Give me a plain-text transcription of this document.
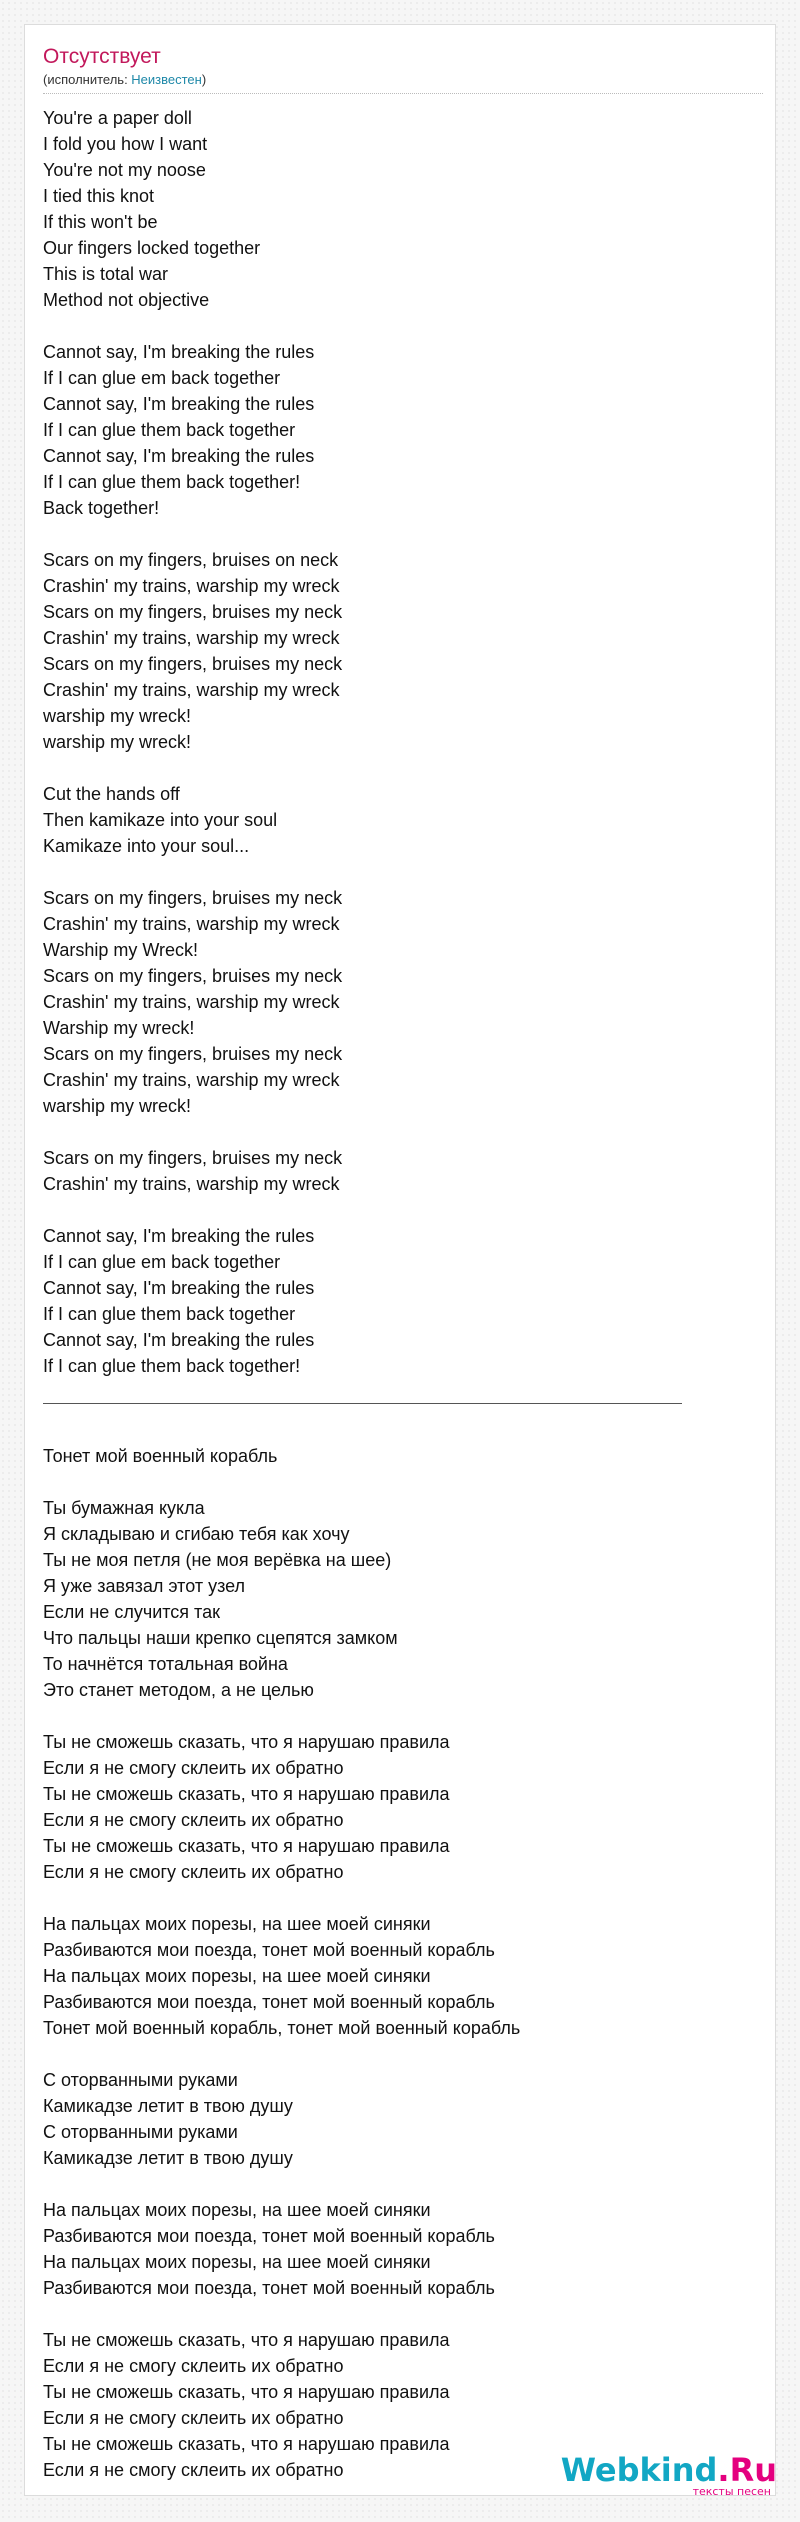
Отсутствует
(исполнитель: Неизвестен)
You're a paper doll
I fold you how I want
You're not my noose
I tied this knot
If this won't be
Our fingers locked together
This is total war
Method not objective
Cannot say, I'm breaking the rules
If I can glue em back together
Cannot say, I'm breaking the rules
If I can glue them back together
Cannot say, I'm breaking the rules
If I can glue them back together!
Back together!
Scars on my fingers, bruises on neck
Crashin' my trains, warship my wreck
Scars on my fingers, bruises my neck
Crashin' my trains, warship my wreck
Scars on my fingers, bruises my neck
Crashin' my trains, warship my wreck
warship my wreck!
warship my wreck!
Cut the hands off
Then kamikaze into your soul
Kamikaze into your soul...
Scars on my fingers, bruises my neck
Crashin' my trains, warship my wreck
Warship my Wreck!
Scars on my fingers, bruises my neck
Crashin' my trains, warship my wreck
Warship my wreck!
Scars on my fingers, bruises my neck
Crashin' my trains, warship my wreck
warship my wreck!
Scars on my fingers, bruises my neck
Crashin' my trains, warship my wreck
Cannot say, I'm breaking the rules
If I can glue em back together
Cannot say, I'm breaking the rules
If I can glue them back together
Cannot say, I'm breaking the rules
If I can glue them back together!
Тонет мой военный корабль
Ты бумажная кукла
Я складываю и сгибаю тебя как хочу
Ты не моя петля (не моя верёвка на шее)
Я уже завязал этот узел
Если не случится так
Что пальцы наши крепко сцепятся замком
То начнётся тотальная война
Это станет методом, а не целью
Ты не сможешь сказать, что я нарушаю правила
Если я не смогу склеить их обратно
Ты не сможешь сказать, что я нарушаю правила
Если я не смогу склеить их обратно
Ты не сможешь сказать, что я нарушаю правила
Если я не смогу склеить их обратно
На пальцах моих порезы, на шее моей синяки
Разбиваются мои поезда, тонет мой военный корабль
На пальцах моих порезы, на шее моей синяки
Разбиваются мои поезда, тонет мой военный корабль
Тонет мой военный корабль, тонет мой военный корабль
С оторванными руками
Камикадзе летит в твою душу
С оторванными руками
Камикадзе летит в твою душу
На пальцах моих порезы, на шее моей синяки
Разбиваются мои поезда, тонет мой военный корабль
На пальцах моих порезы, на шее моей синяки
Разбиваются мои поезда, тонет мой военный корабль
Ты не сможешь сказать, что я нарушаю правила
Если я не смогу склеить их обратно
Ты не сможешь сказать, что я нарушаю правила
Если я не смогу склеить их обратно
Ты не сможешь сказать, что я нарушаю правила
Если я не смогу склеить их обратно	Webkind.Ru
тексты песен
